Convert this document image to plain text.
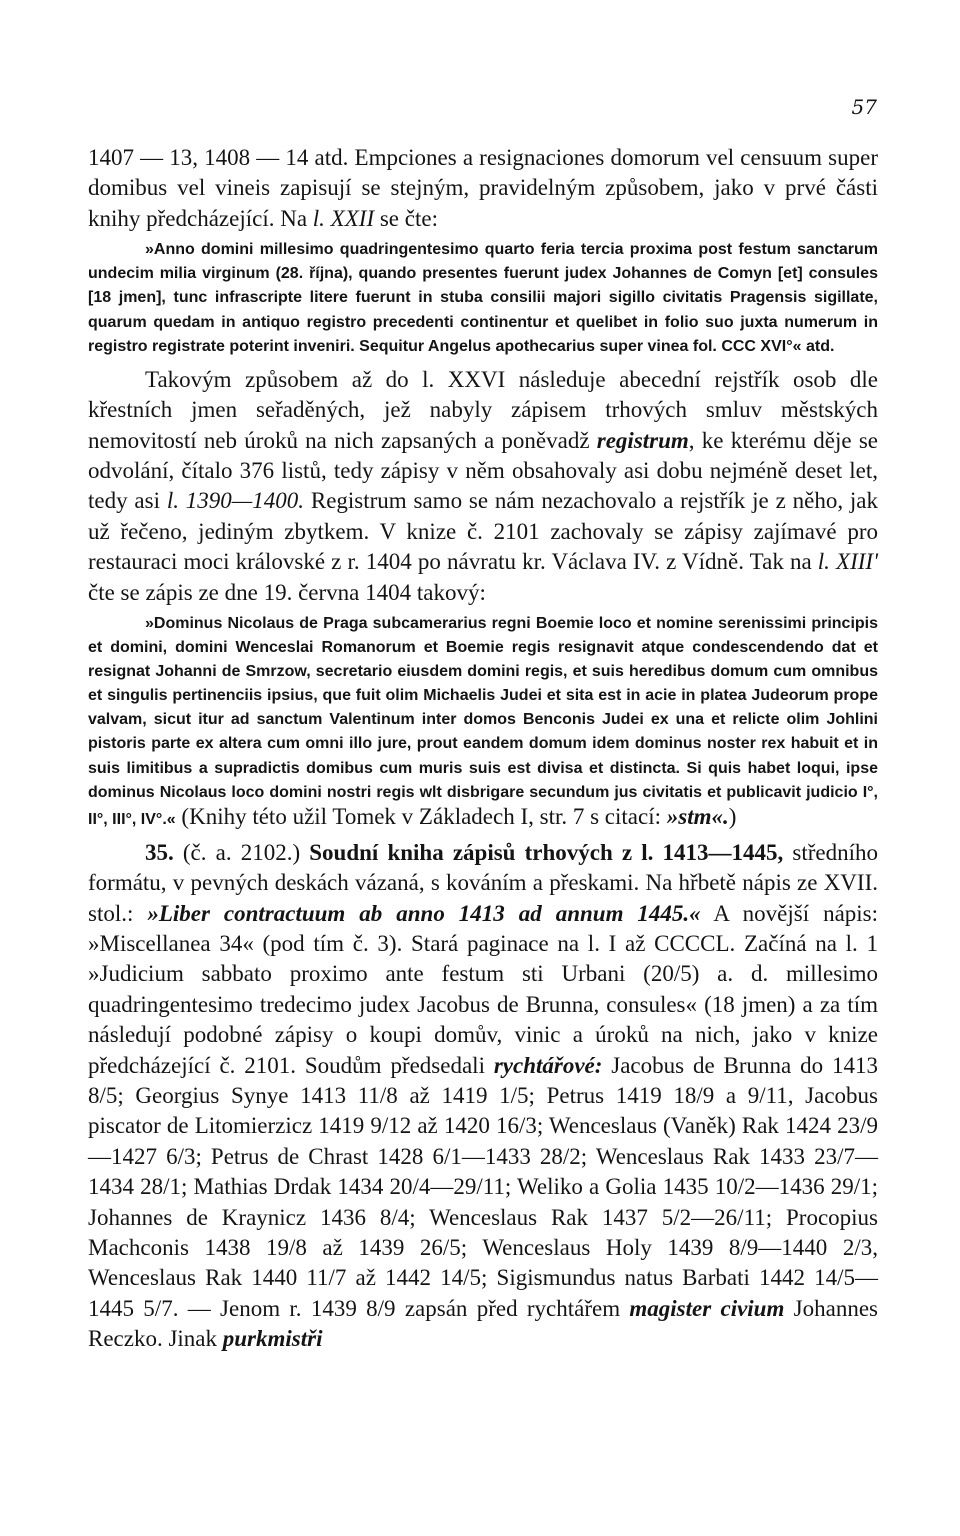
57

1407 — 13, 1408 — 14 atd. Empciones a resignaciones domorum vel censuum super domibus vel vineis zapisují se stejným, pravidelným způsobem, jako v prvé části knihy předcházející. Na l. XXII se čte:

»Anno domini millesimo quadringentesimo quarto feria tercia proxima post festum sanctarum undecim milia virginum (28. října), quando presentes fuerunt judex Johannes de Comyn [et] consules [18 jmen], tunc infrascripte litere fuerunt in stuba consilii majori sigillo civitatis Pragensis sigillate, quarum quedam in antiquo registro precedenti continentur et quelibet in folio suo juxta numerum in registro registrate poterint inveniri. Sequitur Angelus apothecarius super vinea fol. CCC XVI°« atd.

Takovým způsobem až do l. XXVI následuje abecední rejstřík osob dle křestních jmen seřaděných, jež nabyly zápisem trhových smluv městských nemovitostí neb úroků na nich zapsaných a poněvadž registrum, ke kterému děje se odvolání, čítalo 376 listů, tedy zápisy v něm obsahovaly asi dobu nejméně deset let, tedy asi l. 1390—1400. Registrum samo se nám nezachovalo a rejstřík je z něho, jak už řečeno, jediným zbytkem. V knize č. 2101 zachovaly se zápisy zajímavé pro restauraci moci královské z r. 1404 po návratu kr. Václava IV. z Vídně. Tak na l. XIII' čte se zápis ze dne 19. června 1404 takový:

»Dominus Nicolaus de Praga subcamerarius regni Boemie loco et nomine serenissimi principis et domini, domini Wenceslai Romanorum et Boemie regis resignavit atque condescendendo dat et resignat Johanni de Smrzow, secretario eiusdem domini regis, et suis heredibus domum cum omnibus et singulis pertinenciis ipsius, que fuit olim Michaelis Judei et sita est in acie in platea Judeorum prope valvam, sicut itur ad sanctum Valentinum inter domos Benconis Judei ex una et relicte olim Johlini pistoris parte ex altera cum omni illo jure, prout eandem domum idem dominus noster rex habuit et in suis limitibus a supradictis domibus cum muris suis est divisa et distincta. Si quis habet loqui, ipse dominus Nicolaus loco domini nostri regis wlt disbrigare secundum jus civitatis et publicavit judicio I°, II°, III°, IV°.« (Knihy této užil Tomek v Základech I, str. 7 s citací: »stm«.)

35. (č. a. 2102.) Soudní kniha zápisů trhových z l. 1413—1445, středního formátu, v pevných deskách vázaná, s kováním a přeskami. Na hřbetě nápis ze XVII. stol.: »Liber contractuum ab anno 1413 ad annum 1445.« A novější nápis: »Miscellanea 34« (pod tím č. 3). Stará paginace na l. I až CCCCL. Začíná na l. 1 »Judicium sabbato proximo ante festum sti Urbani (20/5) a. d. millesimo quadringentesimo tredecimo judex Jacobus de Brunna, consules« (18 jmen) a za tím následují podobné zápisy o koupi domův, vinic a úroků na nich, jako v knize předcházející č. 2101. Soudům předsedali rychtářové: Jacobus de Brunna do 1413 8/5; Georgius Synye 1413 11/8 až 1419 1/5; Petrus 1419 18/9 a 9/11, Jacobus piscator de Litomierzicz 1419 9/12 až 1420 16/3; Wenceslaus (Vaněk) Rak 1424 23/9—1427 6/3; Petrus de Chrast 1428 6/1—1433 28/2; Wenceslaus Rak 1433 23/7—1434 28/1; Mathias Drdak 1434 20/4—29/11; Weliko a Golia 1435 10/2—1436 29/1; Johannes de Kraynicz 1436 8/4; Wenceslaus Rak 1437 5/2—26/11; Procopius Machconis 1438 19/8 až 1439 26/5; Wenceslaus Holy 1439 8/9—1440 2/3, Wenceslaus Rak 1440 11/7 až 1442 14/5; Sigismundus natus Barbati 1442 14/5—1445 5/7. — Jenom r. 1439 8/9 zapsán před rychtářem magister civium Johannes Reczko. Jinak purkmistři
